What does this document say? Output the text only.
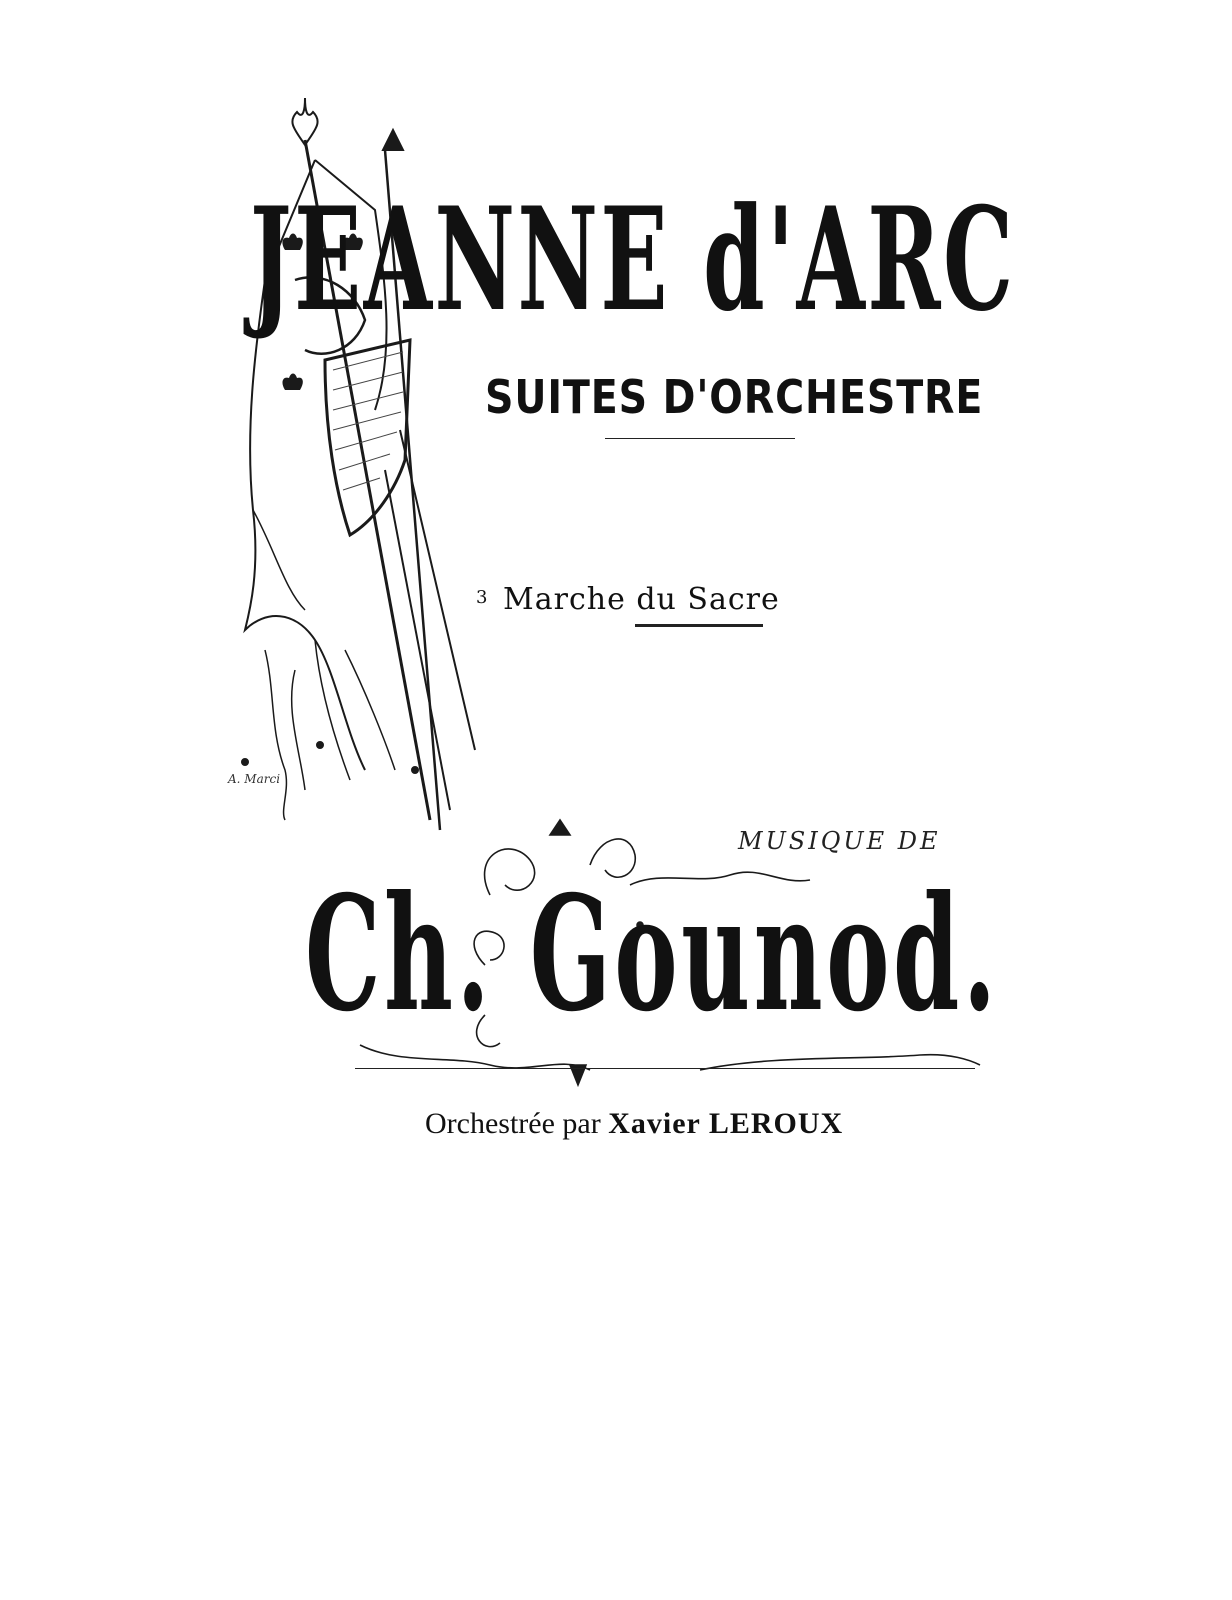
JEANNE d'ARC
SUITES D'ORCHESTRE
$^3$ Marche du Sacre
A. Marci
MUSIQUE DE
Ch. Gounod.
Orchestrée par Xavier LEROUX
